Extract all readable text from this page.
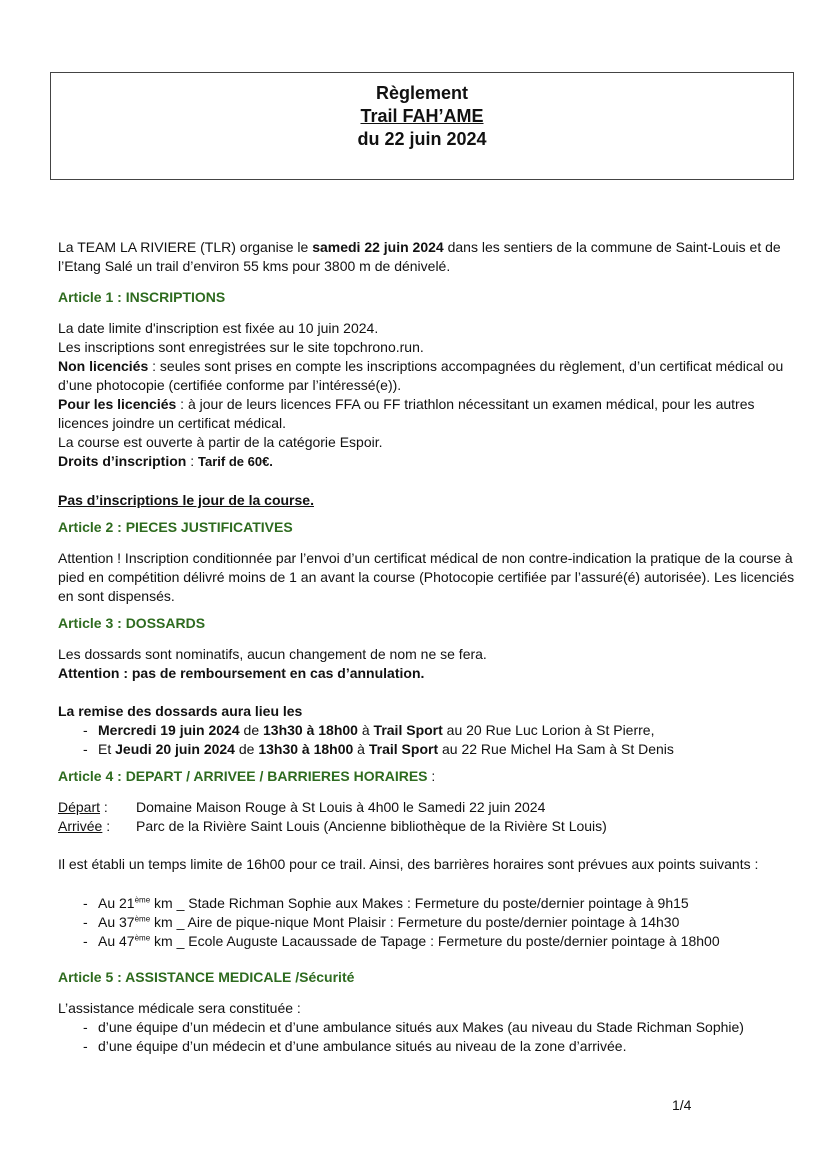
Règlement
Trail FAH’AME
du 22 juin 2024

La TEAM LA RIVIERE (TLR) organise le samedi 22 juin 2024 dans les sentiers de la commune de Saint-Louis et de l’Etang Salé un trail d’environ 55 kms pour 3800 m de dénivelé.

Article 1 : INSCRIPTIONS

La date limite d'inscription est fixée au 10 juin 2024.

Les inscriptions sont enregistrées sur le site topchrono.run.

Non licenciés : seules sont prises en compte les inscriptions accompagnées du règlement, d’un certificat médical ou d’une photocopie (certifiée conforme par l’intéressé(e)).

Pour les licenciés : à jour de leurs licences FFA ou FF triathlon nécessitant un examen médical, pour les autres licences joindre un certificat médical.

La course est ouverte à partir de la catégorie Espoir.

Droits d’inscription : Tarif de 60€.

Pas d’inscriptions le jour de la course.

Article 2 : PIECES JUSTIFICATIVES

Attention ! Inscription conditionnée par l’envoi d’un certificat médical de non contre-indication la pratique de la course à pied en compétition délivré moins de 1 an avant la course (Photocopie certifiée par l’assuré(é) autorisée). Les licenciés en sont dispensés.

Article 3 : DOSSARDS

Les dossards sont nominatifs, aucun changement de nom ne se fera.

Attention : pas de remboursement en cas d’annulation.

La remise des dossards aura lieu les

- Mercredi 19 juin 2024 de 13h30 à 18h00 à Trail Sport au 20 Rue Luc Lorion à St Pierre,

- Et Jeudi 20 juin 2024 de 13h30 à 18h00 à Trail Sport au 22 Rue Michel Ha Sam à St Denis

Article 4 : DEPART / ARRIVEE / BARRIERES HORAIRES :

Départ : Domaine Maison Rouge à St Louis à 4h00 le Samedi 22 juin 2024

Arrivée : Parc de la Rivière Saint Louis (Ancienne bibliothèque de la Rivière St Louis)

Il est établi un temps limite de 16h00 pour ce trail. Ainsi, des barrières horaires sont prévues aux points suivants :

- Au 21ème km _ Stade Richman Sophie aux Makes : Fermeture du poste/dernier pointage à 9h15

- Au 37ème km _ Aire de pique-nique Mont Plaisir : Fermeture du poste/dernier pointage à 14h30

- Au 47ème km _ Ecole Auguste Lacaussade de Tapage : Fermeture du poste/dernier pointage à 18h00

Article 5 : ASSISTANCE MEDICALE /Sécurité

L’assistance médicale sera constituée :

- d’une équipe d’un médecin et d’une ambulance situés aux Makes (au niveau du Stade Richman Sophie)

- d’une équipe d’un médecin et d’une ambulance situés au niveau de la zone d’arrivée.

1/4
